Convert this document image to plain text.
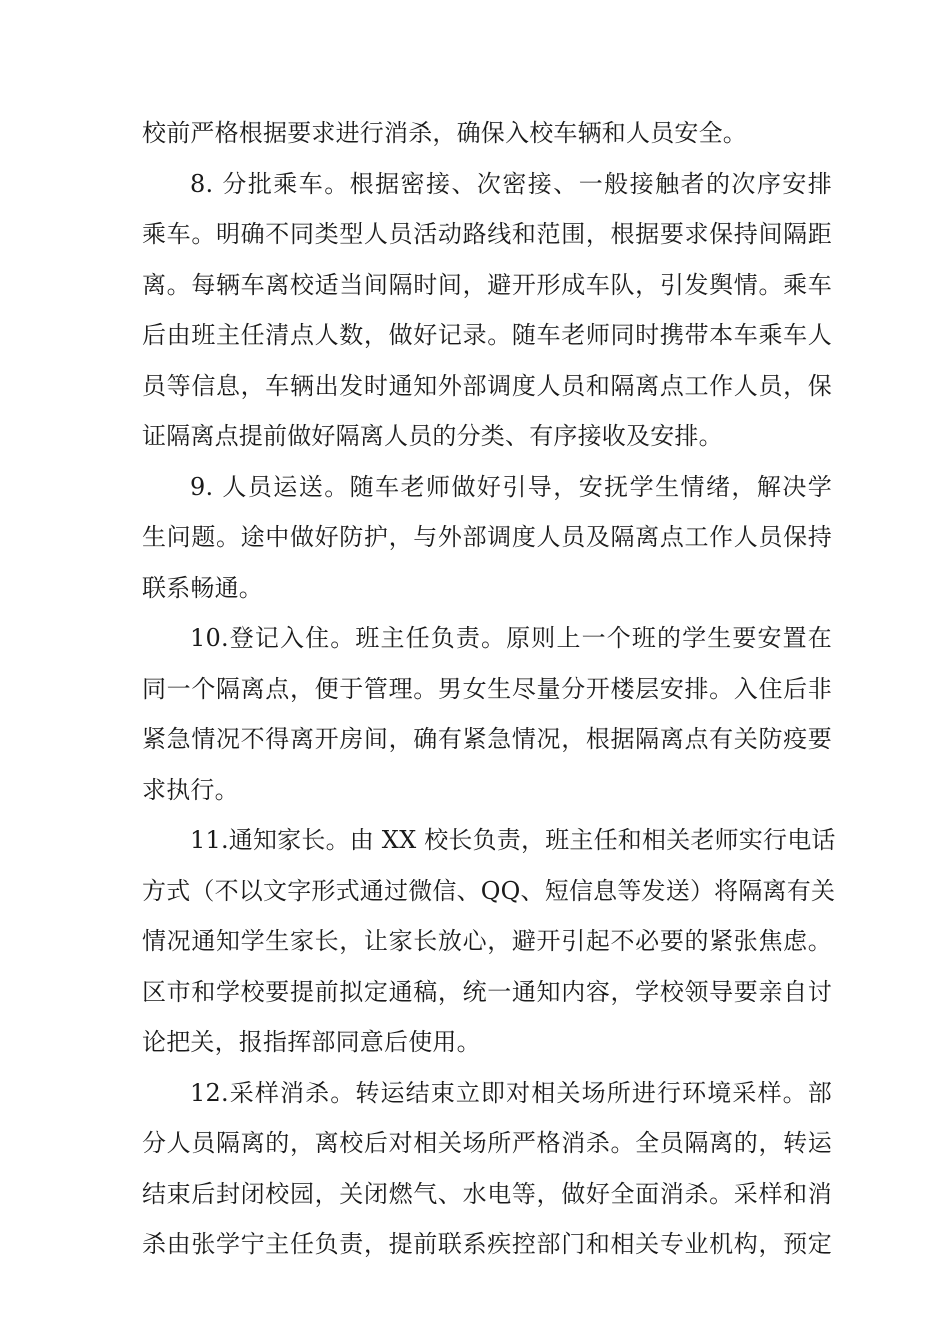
校前严格根据要求进行消杀，确保入校车辆和人员安全。
8. 分批乘车。根据密接、次密接、一般接触者的次序安排
乘车。明确不同类型人员活动路线和范围，根据要求保持间隔距
离。每辆车离校适当间隔时间，避开形成车队，引发舆情。乘车
后由班主任清点人数，做好记录。随车老师同时携带本车乘车人
员等信息，车辆出发时通知外部调度人员和隔离点工作人员，保
证隔离点提前做好隔离人员的分类、有序接收及安排。
9. 人员运送。随车老师做好引导，安抚学生情绪，解决学
生问题。途中做好防护，与外部调度人员及隔离点工作人员保持
联系畅通。
10.登记入住。班主任负责。原则上一个班的学生要安置在
同一个隔离点，便于管理。男女生尽量分开楼层安排。入住后非
紧急情况不得离开房间，确有紧急情况，根据隔离点有关防疫要
求执行。
11.通知家长。由 XX 校长负责，班主任和相关老师实行电话
方式（不以文字形式通过微信、QQ、短信息等发送）将隔离有关
情况通知学生家长，让家长放心，避开引起不必要的紧张焦虑。
区市和学校要提前拟定通稿，统一通知内容，学校领导要亲自讨
论把关，报指挥部同意后使用。
12.采样消杀。转运结束立即对相关场所进行环境采样。部
分人员隔离的，离校后对相关场所严格消杀。全员隔离的，转运
结束后封闭校园，关闭燃气、水电等，做好全面消杀。采样和消
杀由张学宁主任负责，提前联系疾控部门和相关专业机构，预定
